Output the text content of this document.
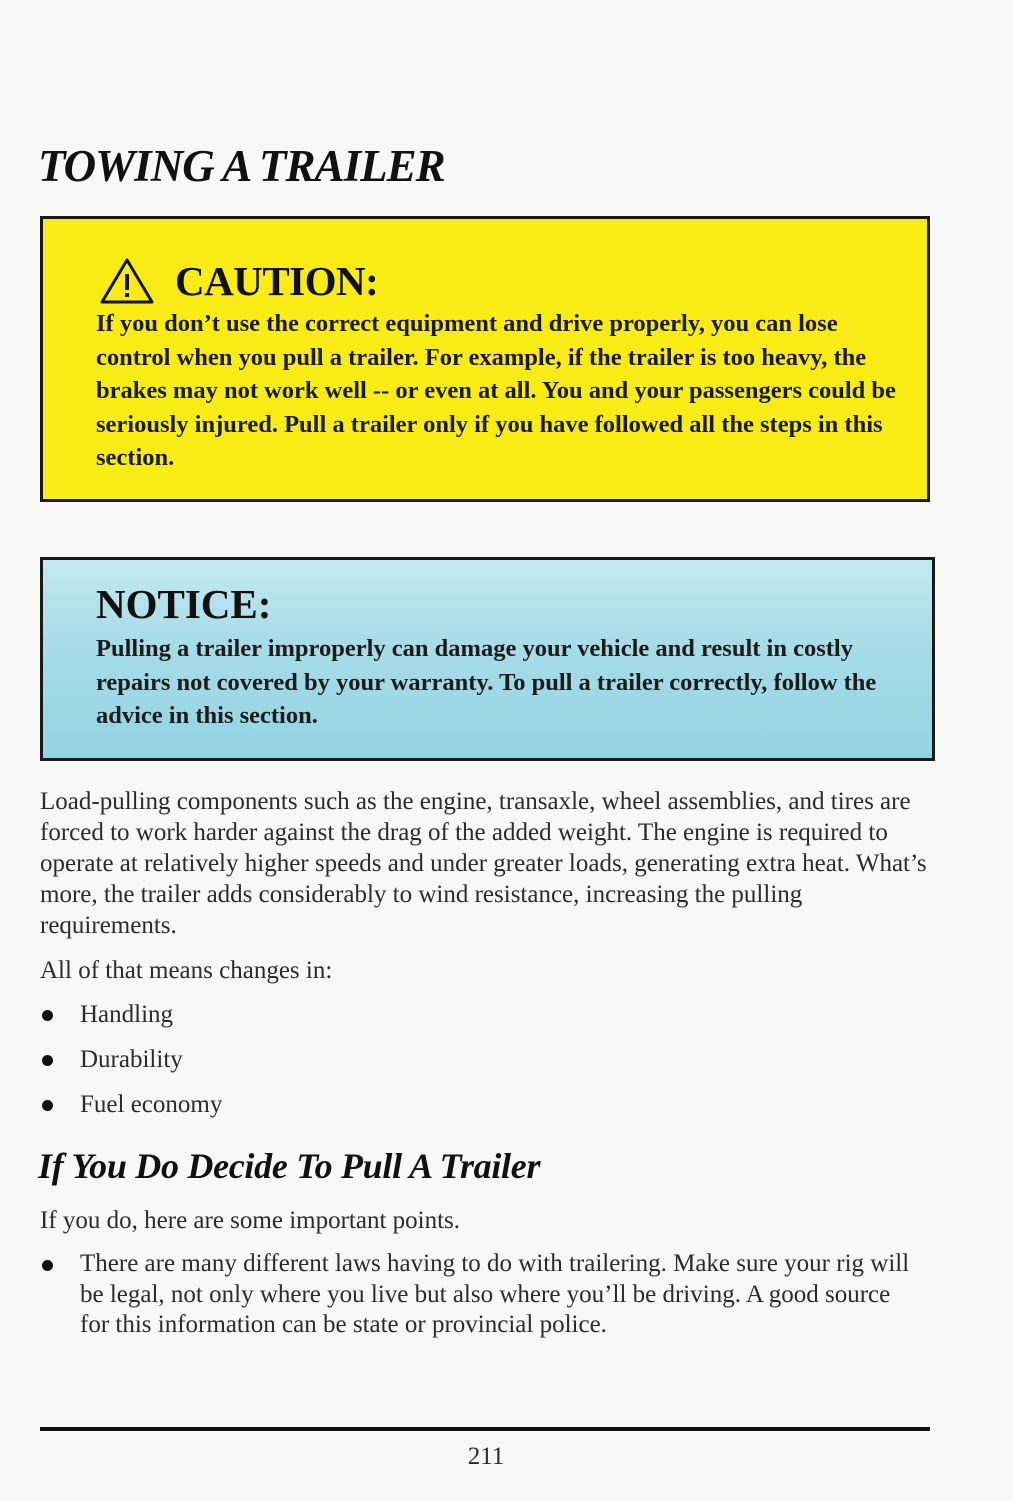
TOWING A TRAILER
CAUTION:
If you don’t use the correct equipment and drive properly, you can lose control when you pull a trailer. For example, if the trailer is too heavy, the brakes may not work well -- or even at all. You and your passengers could be seriously injured. Pull a trailer only if you have followed all the steps in this section.
NOTICE:
Pulling a trailer improperly can damage your vehicle and result in costly repairs not covered by your warranty. To pull a trailer correctly, follow the advice in this section.

Load-pulling components such as the engine, transaxle, wheel assemblies, and tires are forced to work harder against the drag of the added weight. The engine is required to operate at relatively higher speeds and under greater loads, generating extra heat. What’s more, the trailer adds considerably to wind resistance, increasing the pulling requirements.

All of that means changes in:

Handling
Durability
Fuel economy
If You Do Decide To Pull A Trailer

If you do, here are some important points.

There are many different laws having to do with trailering. Make sure your rig will be legal, not only where you live but also where you’ll be driving. A good source for this information can be state or provincial police.
211
